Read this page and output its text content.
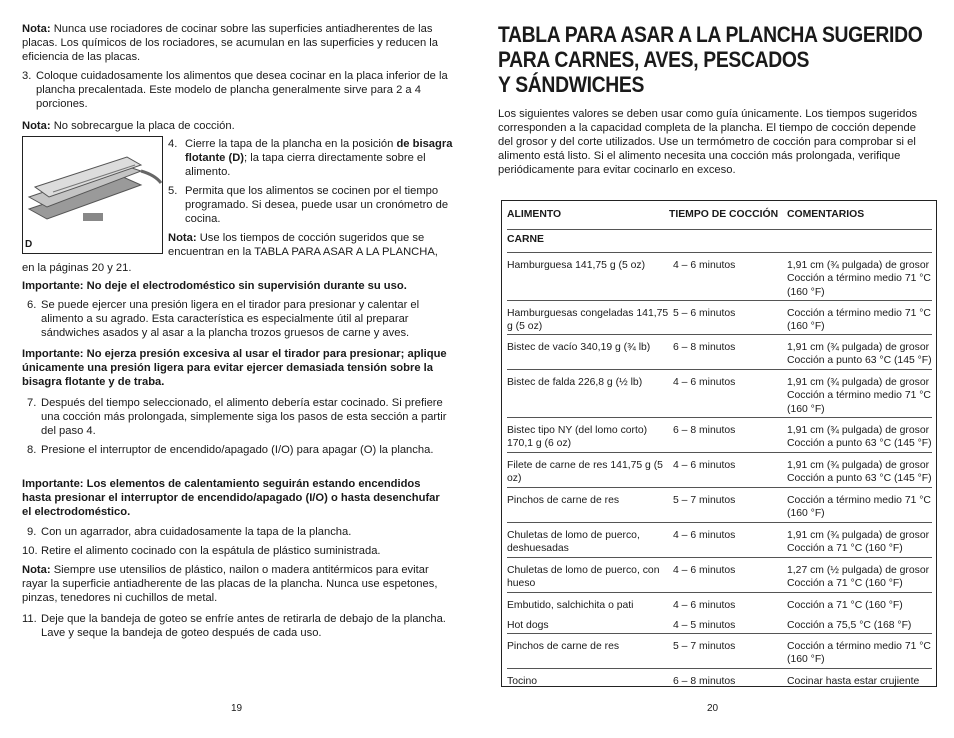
Nota: Nunca use rociadores de cocinar sobre las superficies antiadherentes de las placas. Los químicos de los rociadores, se acumulan en las superficies y reducen la eficiencia de las placas.

3. Coloque cuidadosamente los alimentos que desea cocinar en la placa inferior de la plancha precalentada. Este modelo de plancha generalmente sirve para 2 a 4 porciones.

Nota: No sobrecargue la placa de cocción.

D
4. Cierre la tapa de la plancha en la posición de bisagra flotante (D); la tapa cierra directamente sobre el alimento.
5. Permita que los alimentos se cocinen por el tiempo programado. Si desea, puede usar un cronómetro de cocina.

Nota: Use los tiempos de cocción sugeridos que se encuentran en la TABLA PARA ASAR A LA PLANCHA,

en la páginas 20 y 21.

Importante: No deje el electrodoméstico sin supervisión durante su uso.

6. Se puede ejercer una presión ligera en el tirador para presionar y calentar el alimento a su agrado. Esta característica es especialmente útil al preparar sándwiches asados y al asar a la plancha trozos gruesos de carne y aves.

Importante: No ejerza presión excesiva al usar el tirador para presionar; aplique únicamente una presión ligera para evitar ejercer demasiada tensión sobre la bisagra flotante y de traba.

7. Después del tiempo seleccionado, el alimento debería estar cocinado. Si prefiere una cocción más prolongada, simplemente siga los pasos de esta sección a partir del paso 4.
8. Presione el interruptor de encendido/apagado (I/O) para apagar (O) la plancha.

Importante: Los elementos de calentamiento seguirán estando encendidos hasta presionar el interruptor de encendido/apagado (I/O) o hasta desenchufar el electrodoméstico.

9. Con un agarrador, abra cuidadosamente la tapa de la plancha.
10. Retire el alimento cocinado con la espátula de plástico suministrada.

Nota: Siempre use utensilios de plástico, nailon o madera antitérmicos para evitar rayar la superficie antiadherente de las placas de la plancha. Nunca use espetones, pinzas, tenedores ni cuchillos de metal.

11. Deje que la bandeja de goteo se enfríe antes de retirarla de debajo de la plancha. Lave y seque la bandeja de goteo después de cada uso.
19
TABLA PARA ASAR A LA PLANCHA SUGERIDO
PARA CARNES, AVES, PESCADOS
Y SÁNDWICHES

Los siguientes valores se deben usar como guía únicamente. Los tiempos sugeridos corresponden a la capacidad completa de la plancha. El tiempo de cocción depende del grosor y del corte utilizados. Use un termómetro de cocción para comprobar si el alimento está listo. Si el alimento necesita una cocción más prolongada, verifique periódicamente para evitar cocinarlo en exceso.

ALIMENTO	TIEMPO DE COCCIÓN	COMENTARIOS
CARNE		
Hamburguesa 141,75 g (5 oz)	4 – 6 minutos	1,91 cm (¾ pulgada) de grosor Cocción a término medio 71 °C (160 °F)
Hamburguesas congeladas 141,75 g (5 oz)	5 – 6 minutos	Cocción a término medio 71 °C (160 °F)
Bistec de vacío 340,19 g (¾ lb)	6 – 8 minutos	1,91 cm (¾ pulgada) de grosor Cocción a punto 63 °C (145 °F)
Bistec de falda 226,8 g (½ lb)	4 – 6 minutos	1,91 cm (¾ pulgada) de grosor Cocción a término medio 71 °C (160 °F)
Bistec tipo NY (del lomo corto) 170,1 g (6 oz)	6 – 8 minutos	1,91 cm (¾ pulgada) de grosor Cocción a punto 63 °C (145 °F)
Filete de carne de res 141,75 g (5 oz)	4 – 6 minutos	1,91 cm (¾ pulgada) de grosor Cocción a punto 63 °C (145 °F)
Pinchos de carne de res	5 – 7 minutos	Cocción a término medio 71 °C (160 °F)
Chuletas de lomo de puerco, deshuesadas	4 – 6 minutos	1,91 cm (¾ pulgada) de grosor Cocción a 71 °C (160 °F)
Chuletas de lomo de puerco, con hueso	4 – 6 minutos	1,27 cm (½ pulgada) de grosor Cocción a 71 °C (160 °F)
Embutido, salchichita o pati	4 – 6 minutos	Cocción a 71 °C (160 °F)
Hot dogs	4 – 5 minutos	Cocción a 75,5 °C (168 °F)
Pinchos de carne de res	5 – 7 minutos	Cocción a término medio 71 °C (160 °F)
Tocino	6 – 8 minutos	Cocinar hasta estar crujiente
20
